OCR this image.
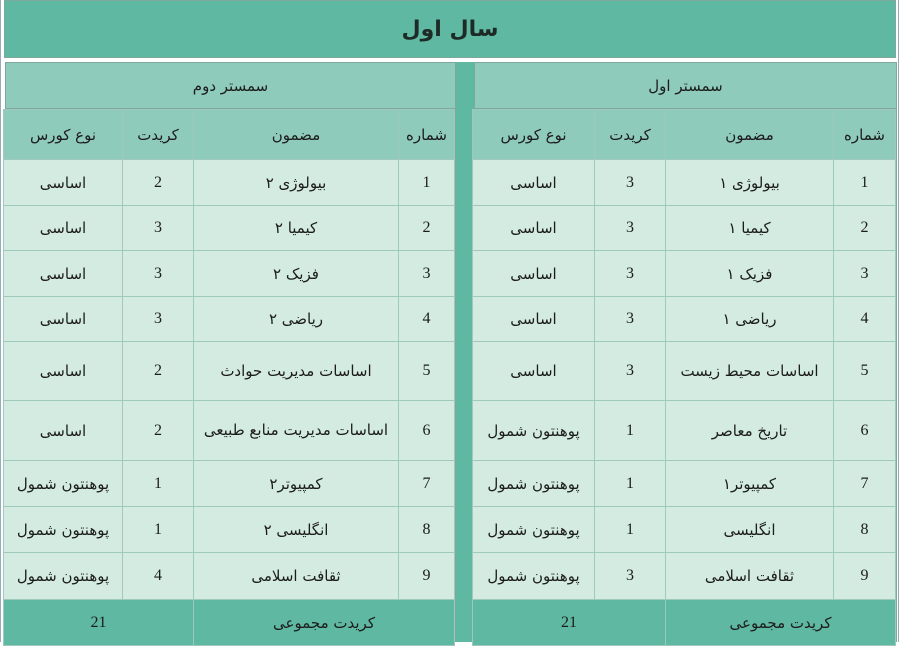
سال اول
سمستر اول
شماره	مضمون	کریدت	نوع کورس
1	بیولوژی ۱	3	اساسی
2	کیمیا ۱	3	اساسی
3	فزیک ۱	3	اساسی
4	ریاضی ۱	3	اساسی
5	اساسات محیط زیست	3	اساسی
6	تاریخ معاصر	1	پوهنتون شمول
7	کمپیوتر۱	1	پوهنتون شمول
8	انگلیسی	1	پوهنتون شمول
9	ثقافت اسلامی	3	پوهنتون شمول
کریدت مجموعی		21	
سمستر دوم
شماره	مضمون	کریدت	نوع کورس
1	بیولوژی ۲	2	اساسی
2	کیمیا ۲	3	اساسی
3	فزیک ۲	3	اساسی
4	ریاضی ۲	3	اساسی
5	اساسات مدیریت حوادث	2	اساسی
6	اساسات مدیریت منابع طبیعی	2	اساسی
7	کمپیوتر۲	1	پوهنتون شمول
8	انگلیسی ۲	1	پوهنتون شمول
9	ثقافت اسلامی	4	پوهنتون شمول
کریدت مجموعی		21	
